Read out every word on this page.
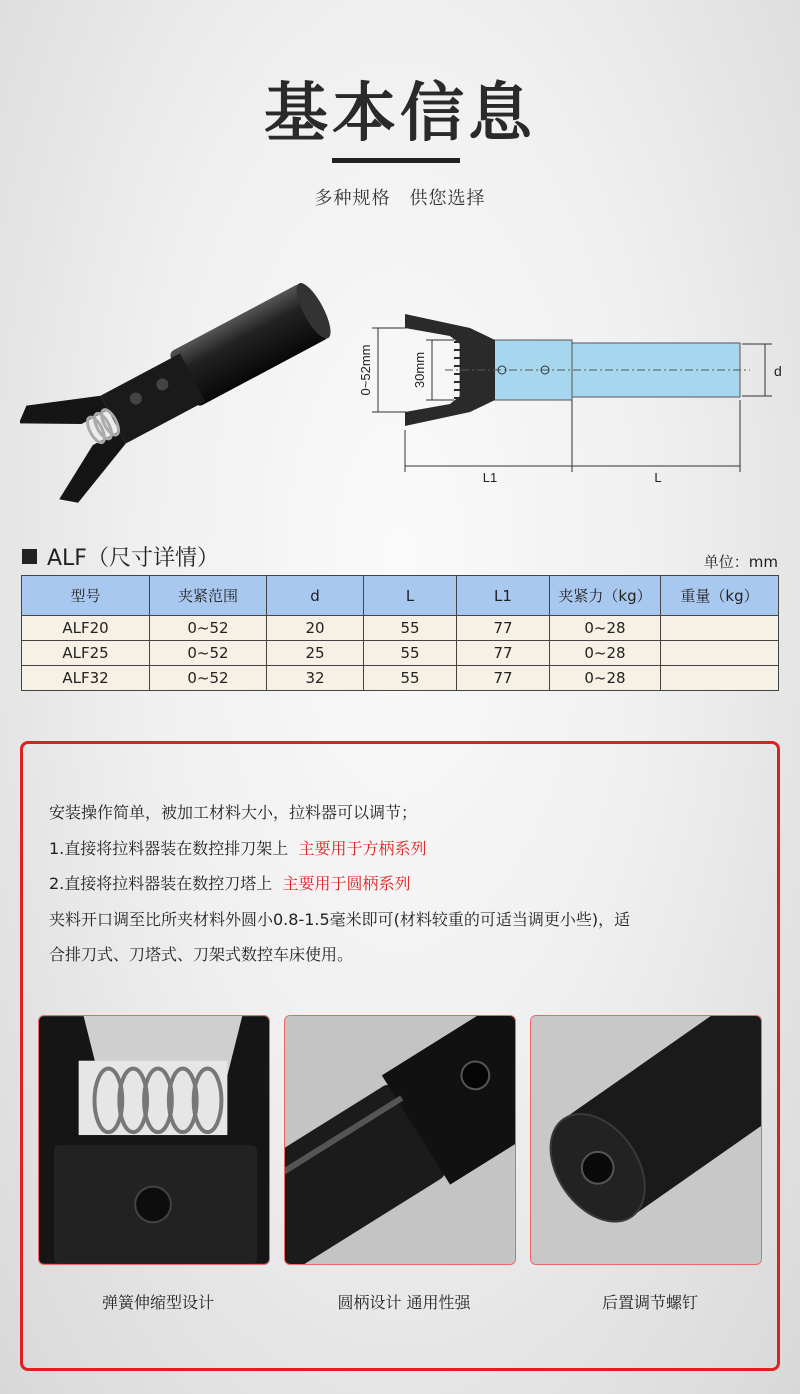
基本信息
多种规格　供您选择
0~52mm	30mm	d
L1	L
ALF（尺寸详情）	单位：mm
型号	夹紧范围	d	L	L1	夹紧力（kg）	重量（kg）
ALF20	0~52	20	55	77	0~28	
ALF25	0~52	25	55	77	0~28	
ALF32	0~52	32	55	77	0~28	
安装操作简单，被加工材料大小，拉料器可以调节；
1.直接将拉料器装在数控排刀架上 主要用于方柄系列
2.直接将拉料器装在数控刀塔上 主要用于圆柄系列
夹料开口调至比所夹材料外圆小0.8-1.5毫米即可(材料较重的可适当调更小些)，适
合排刀式、刀塔式、刀架式数控车床使用。
弹簧伸缩型设计	圆柄设计 通用性强	后置调节螺钉
